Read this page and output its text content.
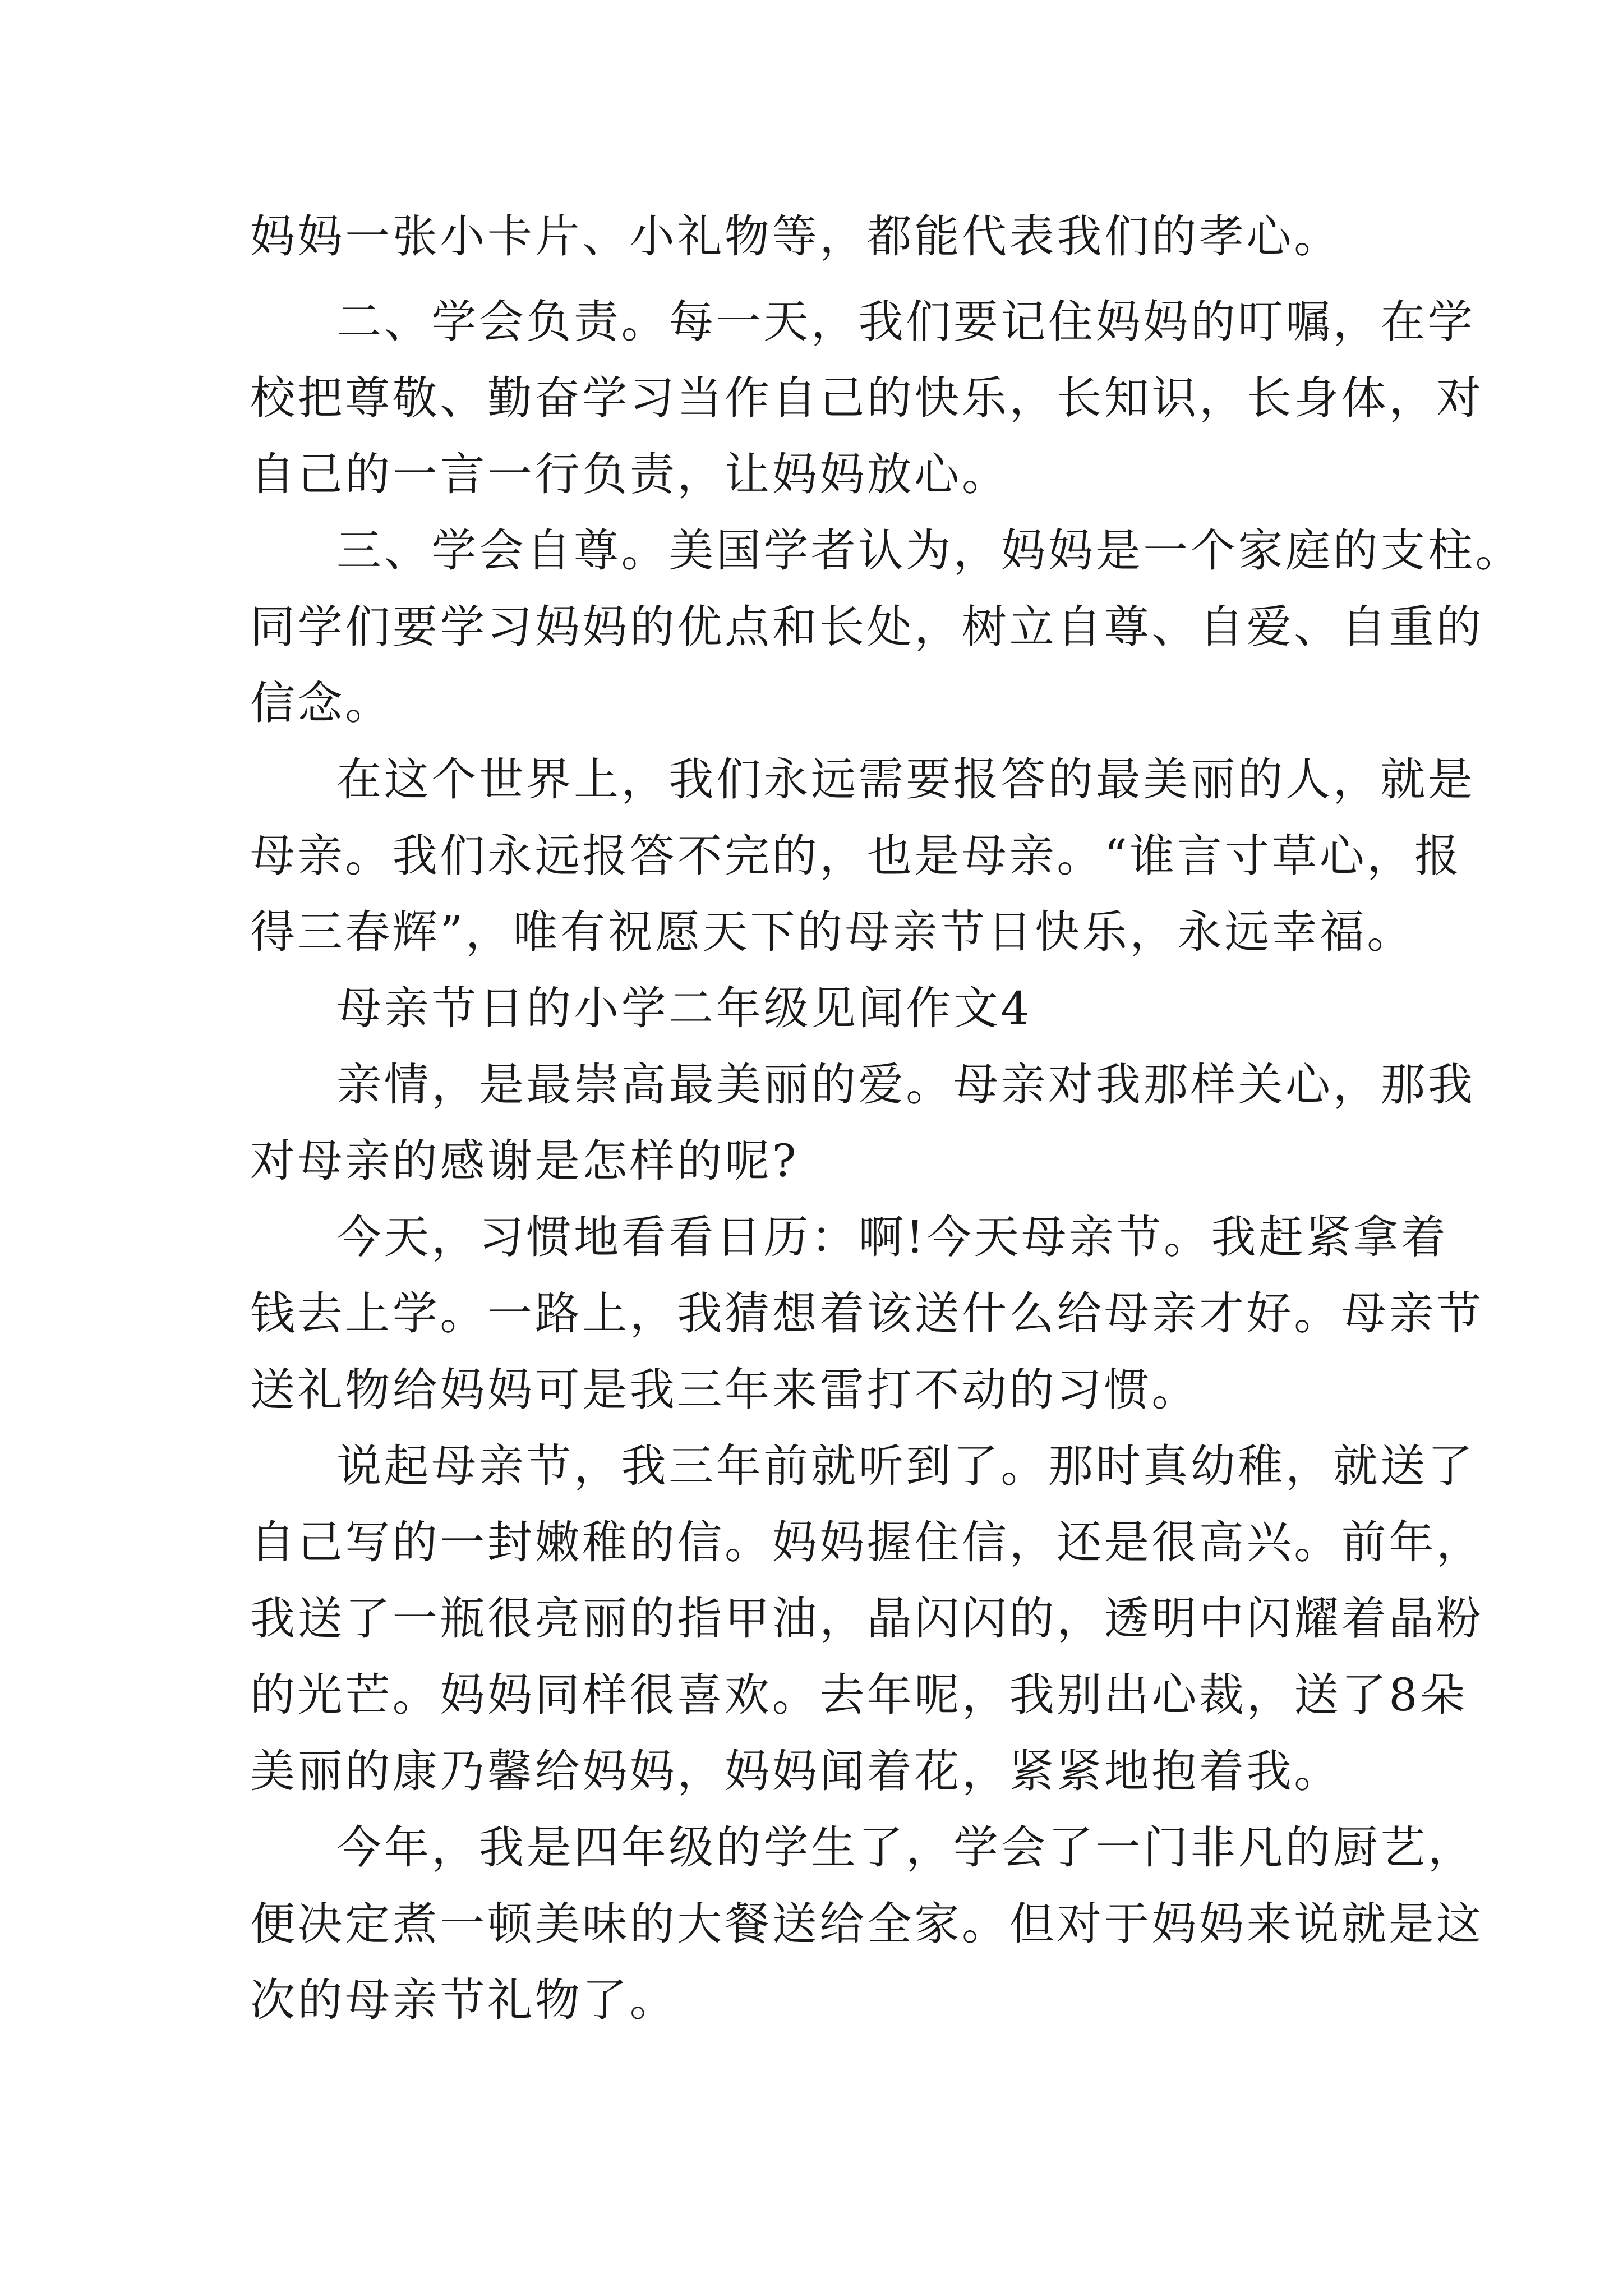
妈妈一张小卡片、小礼物等，都能代表我们的孝心。
二、学会负责。每一天，我们要记住妈妈的叮嘱，在学
校把尊敬、勤奋学习当作自己的快乐，长知识，长身体，对
自己的一言一行负责，让妈妈放心。
三、学会自尊。美国学者认为，妈妈是一个家庭的支柱。
同学们要学习妈妈的优点和长处，树立自尊、自爱、自重的
信念。
在这个世界上，我们永远需要报答的最美丽的人，就是
母亲。我们永远报答不完的，也是母亲。“谁言寸草心，报
得三春辉”，唯有祝愿天下的母亲节日快乐，永远幸福。
母亲节日的小学二年级见闻作文4
亲情，是最崇高最美丽的爱。母亲对我那样关心，那我
对母亲的感谢是怎样的呢?
今天，习惯地看看日历：啊!今天母亲节。我赶紧拿着
钱去上学。一路上，我猜想着该送什么给母亲才好。母亲节
送礼物给妈妈可是我三年来雷打不动的习惯。
说起母亲节，我三年前就听到了。那时真幼稚，就送了
自己写的一封嫩稚的信。妈妈握住信，还是很高兴。前年，
我送了一瓶很亮丽的指甲油，晶闪闪的，透明中闪耀着晶粉
的光芒。妈妈同样很喜欢。去年呢，我别出心裁，送了8朵
美丽的康乃馨给妈妈，妈妈闻着花，紧紧地抱着我。
今年，我是四年级的学生了，学会了一门非凡的厨艺，
便决定煮一顿美味的大餐送给全家。但对于妈妈来说就是这
次的母亲节礼物了。
